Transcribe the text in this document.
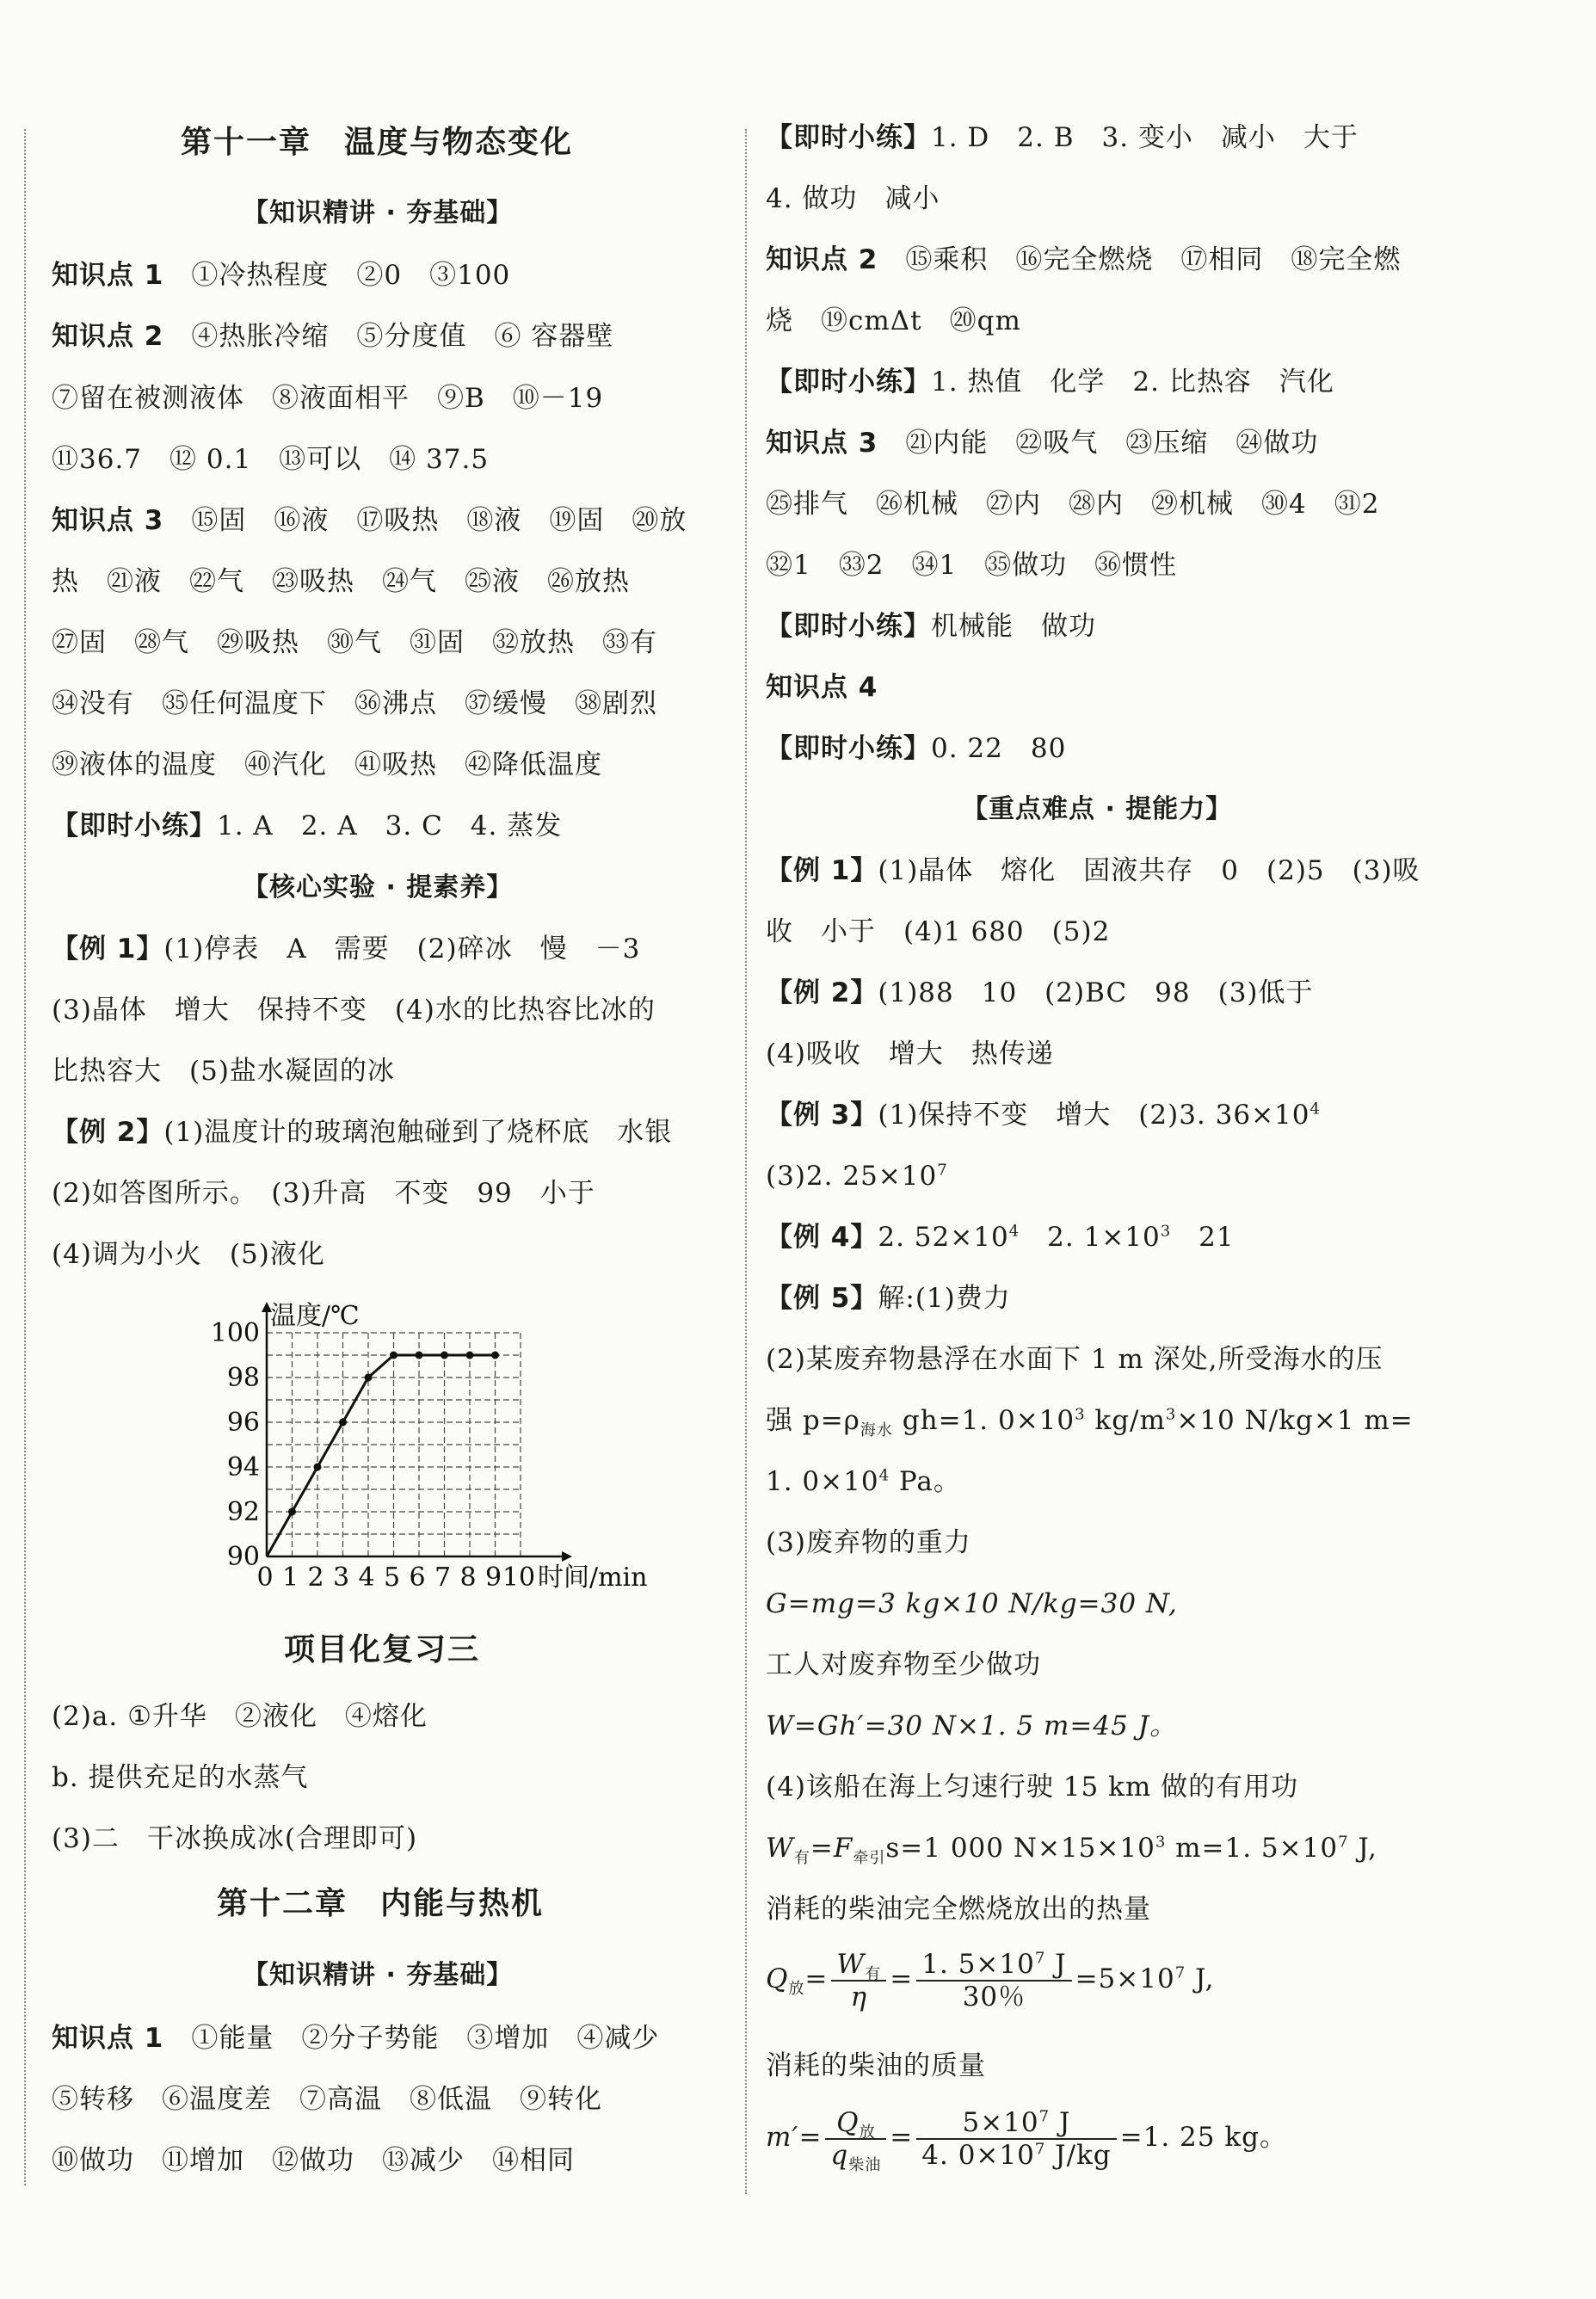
第十一章　温度与物态变化
【知识精讲 · 夯基础】
知识点 1　 ①冷热程度　②0　③100
知识点 2　 ④热胀冷缩　⑤分度值　⑥ 容器壁
⑦留在被测液体　⑧液面相平　⑨B　⑩－19
⑪36.7　⑫ 0.1　⑬可以　⑭ 37.5
知识点 3　 ⑮固　⑯液　⑰吸热　⑱液　⑲固　⑳放
热　㉑液　㉒气　㉓吸热　㉔气　㉕液　㉖放热
㉗固　㉘气　㉙吸热　㉚气　㉛固　㉜放热　㉝有
㉞没有　㉟任何温度下　㊱沸点　㊲缓慢　㊳剧烈
㊴液体的温度　㊵汽化　㊶吸热　㊷降低温度
【即时小练】1. A　2. A　3. C　4. 蒸发
【核心实验 · 提素养】
【例 1】(1)停表　A　需要　(2)碎冰　慢　－3
(3)晶体　增大　保持不变　(4)水的比热容比冰的
比热容大　(5)盐水凝固的冰
【例 2】(1)温度计的玻璃泡触碰到了烧杯底　水银
(2)如答图所示。　(3)升高　不变　99　小于
(4)调为小火　(5)液化
90
92
94
96
98
100
0 1 2 3 4 5 6 7 8 9 10
温度/℃
时间/min
项目化复习三
(2)a. ①升华　②液化　④熔化
b. 提供充足的水蒸气
(3)二　干冰换成冰(合理即可)
第十二章　内能与热机
【知识精讲 · 夯基础】
知识点 1　 ①能量　②分子势能　③增加　④减少
⑤转移　⑥温度差　⑦高温　⑧低温　⑨转化
⑩做功　⑪增加　⑫做功　⑬减少　⑭相同
【即时小练】1. D　2. B　3. 变小　减小　大于
4. 做功　减小
知识点 2　 ⑮乘积　⑯完全燃烧　⑰相同　⑱完全燃
烧　⑲cmΔt　⑳qm
【即时小练】1. 热值　化学　2. 比热容　汽化
知识点 3　 ㉑内能　㉒吸气　㉓压缩　㉔做功
㉕排气　㉖机械　㉗内　㉘内　㉙机械　㉚4　㉛2
㉜1　㉝2　㉞1　㉟做功　㊱惯性
【即时小练】机械能　做功
知识点 4
【即时小练】0. 22　80
【重点难点 · 提能力】
【例 1】(1)晶体　熔化　固液共存　0　(2)5　(3)吸
收　小于　(4)1 680　(5)2
【例 2】(1)88　10　(2)BC　98　(3)低于
(4)吸收　增大　热传递
【例 3】(1)保持不变　增大　(2)3. $36\times 10^4$
(3)2. $25\times 10^7$
【例 4】2. $52\times 10^4$　2. $1\times 10^3$　21
【例 5】解:(1)费力
(2)某废弃物悬浮在水面下 1 m 深处,所受海水的压
强 $p=\rho_{海水}$ gh=1. $0\times 10^3$ $kg/m^3\times 10$ N/kg×1 m=
1. $0\times 10^4$ Pa。
(3)废弃物的重力
G=mg=3 kg×10 N/kg=30 N,
工人对废弃物至少做功
W=Gh′=30 N×1. 5 m=45 J。
(4)该船在海上匀速行驶 15 km 做的有用功
$W_有=F_{牵引}s=1$ 000 $N\times 15\times 10^3$ m=1. $5\times 10^7$ J,
消耗的柴油完全燃烧放出的热量
$Q_放= \frac{W_有}{\eta} = \frac{1. 5\times 10^7 J}{30\%} =5\times 10^7$ J,
消耗的柴油的质量
$m'= \frac{Q_放}{q_{柴油}} = \frac{5\times 10^7 J}{4. 0\times 10^7 J/kg} =1$. 25 kg。
